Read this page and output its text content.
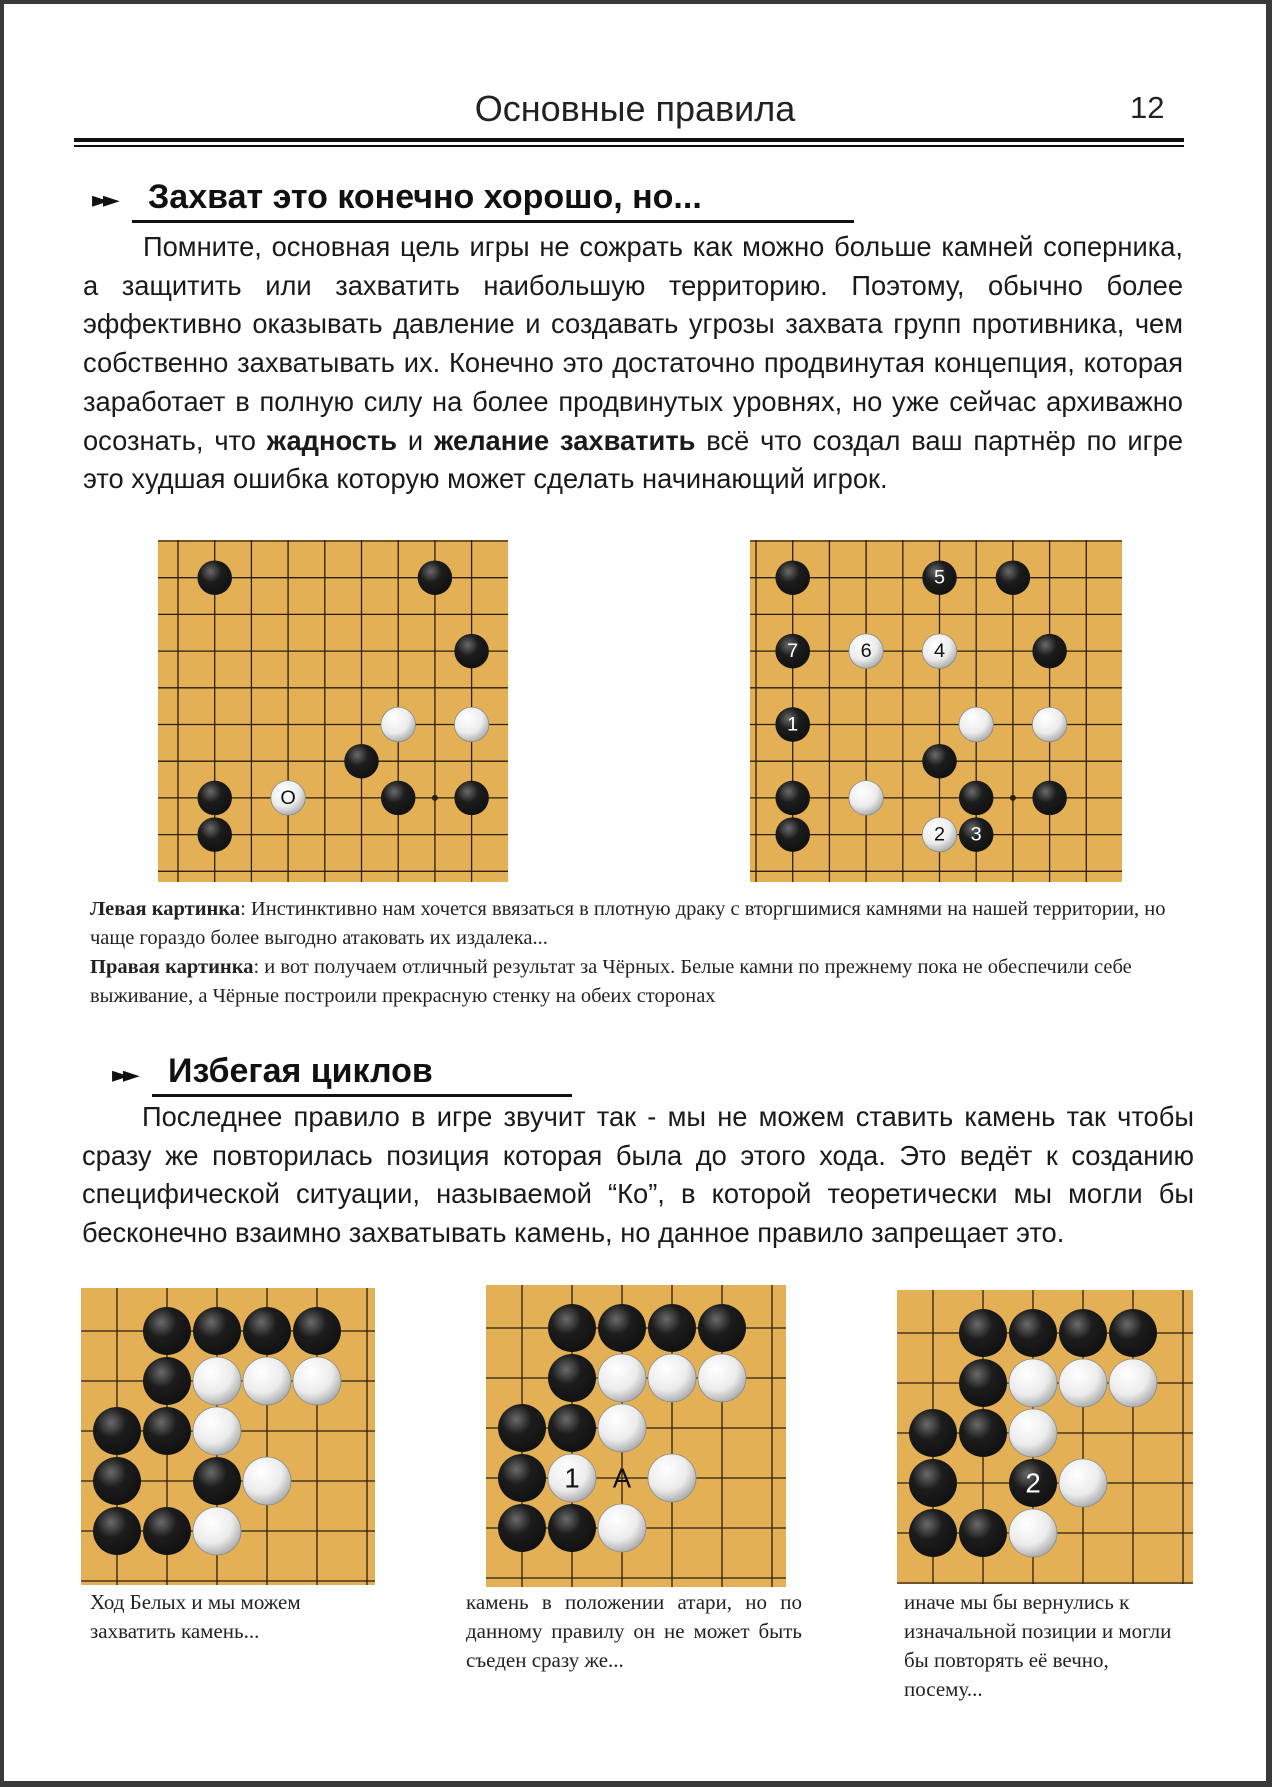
Основные правила	12
►► Захват это конечно хорошо, но...

Помните, основная цель игры не сожрать как можно больше камней соперника, а защитить или захватить наибольшую территорию. Поэтому, обычно более эффективно оказывать давление и создавать угрозы захвата групп противника, чем собственно захватывать их. Конечно это достаточно продвинутая концепция, которая заработает в полную силу на более продвинутых уровнях, но уже сейчас архиважно осознать, что жадность и желание захватить всё что создал ваш партнёр по игре это худшая ошибка которую может сделать начинающий игрок.

O
5
7	6	4
1
2 3
Левая картинка: Инстинктивно нам хочется ввязаться в плотную драку с вторгшимися камнями на нашей территории, но чаще гораздо более выгодно атаковать их издалека...
Правая картинка: и вот получаем отличный результат за Чёрных. Белые камни по прежнему пока не обеспечили себе выживание, а Чёрные построили прекрасную стенку на обеих сторонах
►► Избегая циклов

Последнее правило в игре звучит так - мы не можем ставить камень так чтобы сразу же повторилась позиция которая была до этого хода. Это ведёт к созданию специфической ситуации, называемой “Ко”, в которой теоретически мы могли бы бесконечно взаимно захватывать камень, но данное правило запрещает это.

1 A	2
Ход Белых и мы можем захватить камень...
камень в положении атари, но по данному правилу он не может быть съеден сразу же...
иначе мы бы вернулись к изначальной позиции и могли бы повторять её вечно, посему...
